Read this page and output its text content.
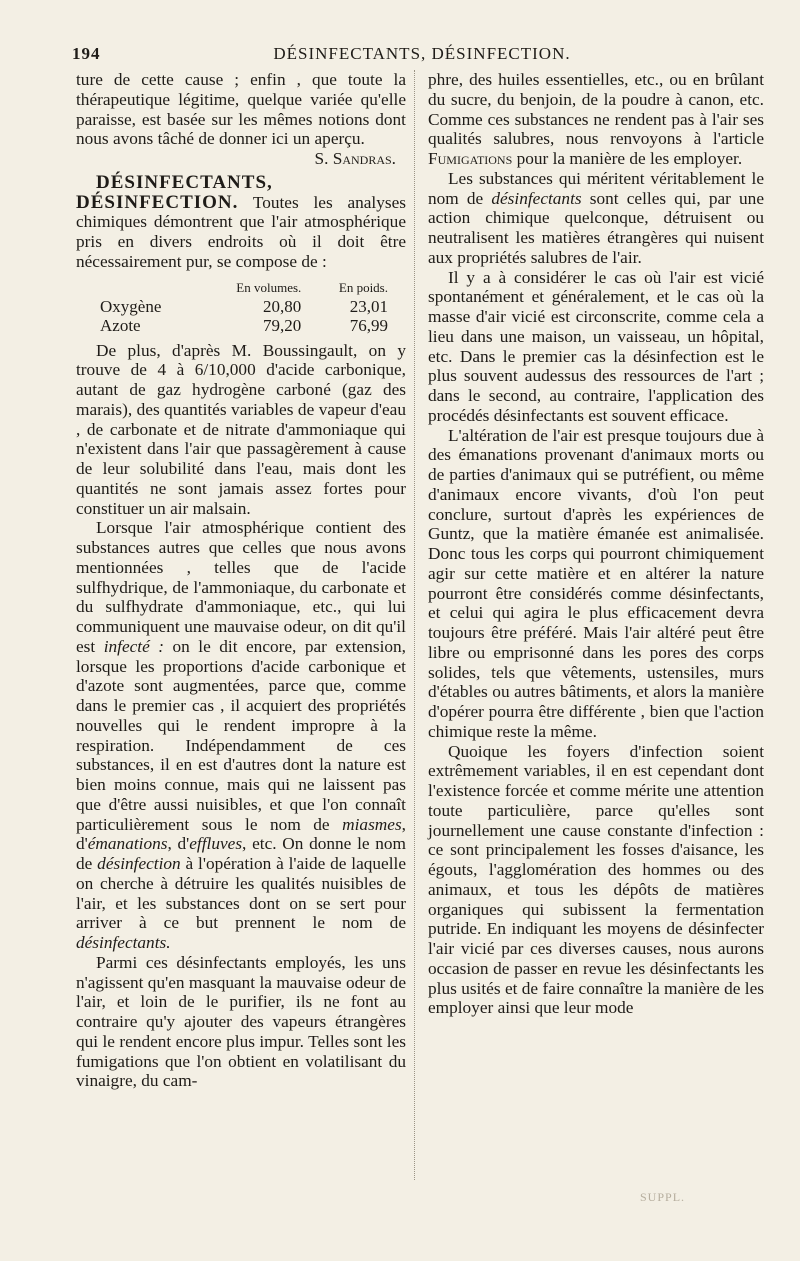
194	DÉSINFECTANTS, DÉSINFECTION.

ture de cette cause ; enfin , que toute la thérapeutique légitime, quelque variée qu'elle paraisse, est basée sur les mêmes notions dont nous avons tâché de donner ici un aperçu.
S. Sandras.

DÉSINFECTANTS, DÉSINFECTION. Toutes les analyses chimiques démontrent que l'air atmosphérique pris en divers endroits où il doit être nécessairement pur, se compose de :

	En volumes.	En poids.
Oxygène	20,80	23,01
Azote	79,20	76,99

De plus, d'après M. Boussingault, on y trouve de 4 à 6/10,000 d'acide carbonique, autant de gaz hydrogène carboné (gaz des marais), des quantités variables de vapeur d'eau , de carbonate et de nitrate d'ammoniaque qui n'existent dans l'air que passagèrement à cause de leur solubilité dans l'eau, mais dont les quantités ne sont jamais assez fortes pour constituer un air malsain.

Lorsque l'air atmosphérique contient des substances autres que celles que nous avons mentionnées , telles que de l'acide sulfhydrique, de l'ammoniaque, du carbonate et du sulfhydrate d'ammoniaque, etc., qui lui communiquent une mauvaise odeur, on dit qu'il est infecté : on le dit encore, par extension, lorsque les proportions d'acide carbonique et d'azote sont augmentées, parce que, comme dans le premier cas , il acquiert des propriétés nouvelles qui le rendent impropre à la respiration. Indépendamment de ces substances, il en est d'autres dont la nature est bien moins connue, mais qui ne laissent pas que d'être aussi nuisibles, et que l'on connaît particulièrement sous le nom de miasmes, d'émanations, d'effluves, etc. On donne le nom de désinfection à l'opération à l'aide de laquelle on cherche à détruire les qualités nuisibles de l'air, et les substances dont on se sert pour arriver à ce but prennent le nom de désinfectants.

Parmi ces désinfectants employés, les uns n'agissent qu'en masquant la mauvaise odeur de l'air, et loin de le purifier, ils ne font au contraire qu'y ajouter des vapeurs étrangères qui le rendent encore plus impur. Telles sont les fumigations que l'on obtient en volatilisant du vinaigre, du cam-

phre, des huiles essentielles, etc., ou en brûlant du sucre, du benjoin, de la poudre à canon, etc. Comme ces substances ne rendent pas à l'air ses qualités salubres, nous renvoyons à l'article Fumigations pour la manière de les employer.

Les substances qui méritent véritablement le nom de désinfectants sont celles qui, par une action chimique quelconque, détruisent ou neutralisent les matières étrangères qui nuisent aux propriétés salubres de l'air.

Il y a à considérer le cas où l'air est vicié spontanément et généralement, et le cas où la masse d'air vicié est circonscrite, comme cela a lieu dans une maison, un vaisseau, un hôpital, etc. Dans le premier cas la désinfection est le plus souvent audessus des ressources de l'art ; dans le second, au contraire, l'application des procédés désinfectants est souvent efficace.

L'altération de l'air est presque toujours due à des émanations provenant d'animaux morts ou de parties d'animaux qui se putréfient, ou même d'animaux encore vivants, d'où l'on peut conclure, surtout d'après les expériences de Guntz, que la matière émanée est animalisée. Donc tous les corps qui pourront chimiquement agir sur cette matière et en altérer la nature pourront être considérés comme désinfectants, et celui qui agira le plus efficacement devra toujours être préféré. Mais l'air altéré peut être libre ou emprisonné dans les pores des corps solides, tels que vêtements, ustensiles, murs d'étables ou autres bâtiments, et alors la manière d'opérer pourra être différente , bien que l'action chimique reste la même.

Quoique les foyers d'infection soient extrêmement variables, il en est cependant dont l'existence forcée et comme mérite une attention toute particulière, parce qu'elles sont journellement une cause constante d'infection : ce sont principalement les fosses d'aisance, les égouts, l'agglomération des hommes ou des animaux, et tous les dépôts de matières organiques qui subissent la fermentation putride. En indiquant les moyens de désinfecter l'air vicié par ces diverses causes, nous aurons occasion de passer en revue les désinfectants les plus usités et de faire connaître la manière de les employer ainsi que leur mode

SUPPL.
